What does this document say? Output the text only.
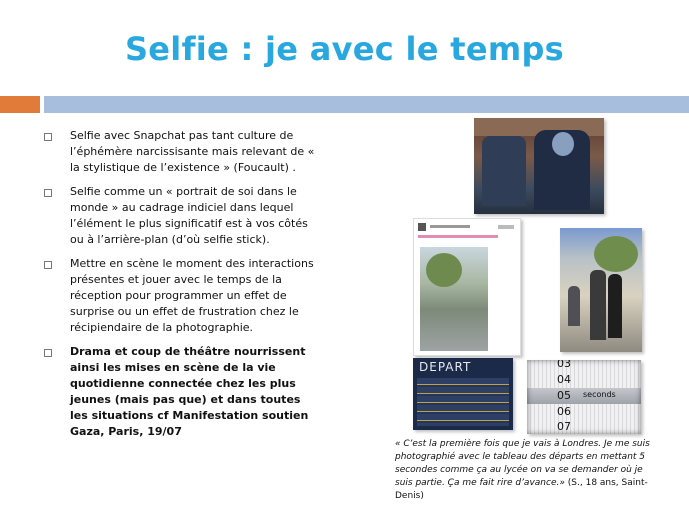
Selfie : je avec le temps
Selfie avec Snapchat pas tant culture de l’éphémère narcissisante mais relevant de « la stylistique de l’existence » (Foucault) .
Selfie comme un « portrait de soi dans le monde » au cadrage indiciel dans lequel l’élément le plus significatif est à vos côtés ou à l’arrière-plan (d’où selfie stick).
Mettre en scène le moment des interactions présentes et jouer avec le temps de la réception pour programmer un effet de surprise ou un effet de frustration chez le récipiendaire de la photographie.
Drama et coup de théâtre nourrissent ainsi les mises en scène de la vie quotidienne connectée chez les plus jeunes (mais pas que) et dans toutes les situations cf Manifestation soutien Gaza, Paris, 19/07
DEPART	03
04
05 seconds
06
07
« C’est la première fois que je vais à Londres. Je me suis photographié avec le tableau des départs en mettant 5 secondes comme ça au lycée on va se demander où je suis partie. Ça me fait rire d’avance.» (S., 18 ans, Saint-Denis)
